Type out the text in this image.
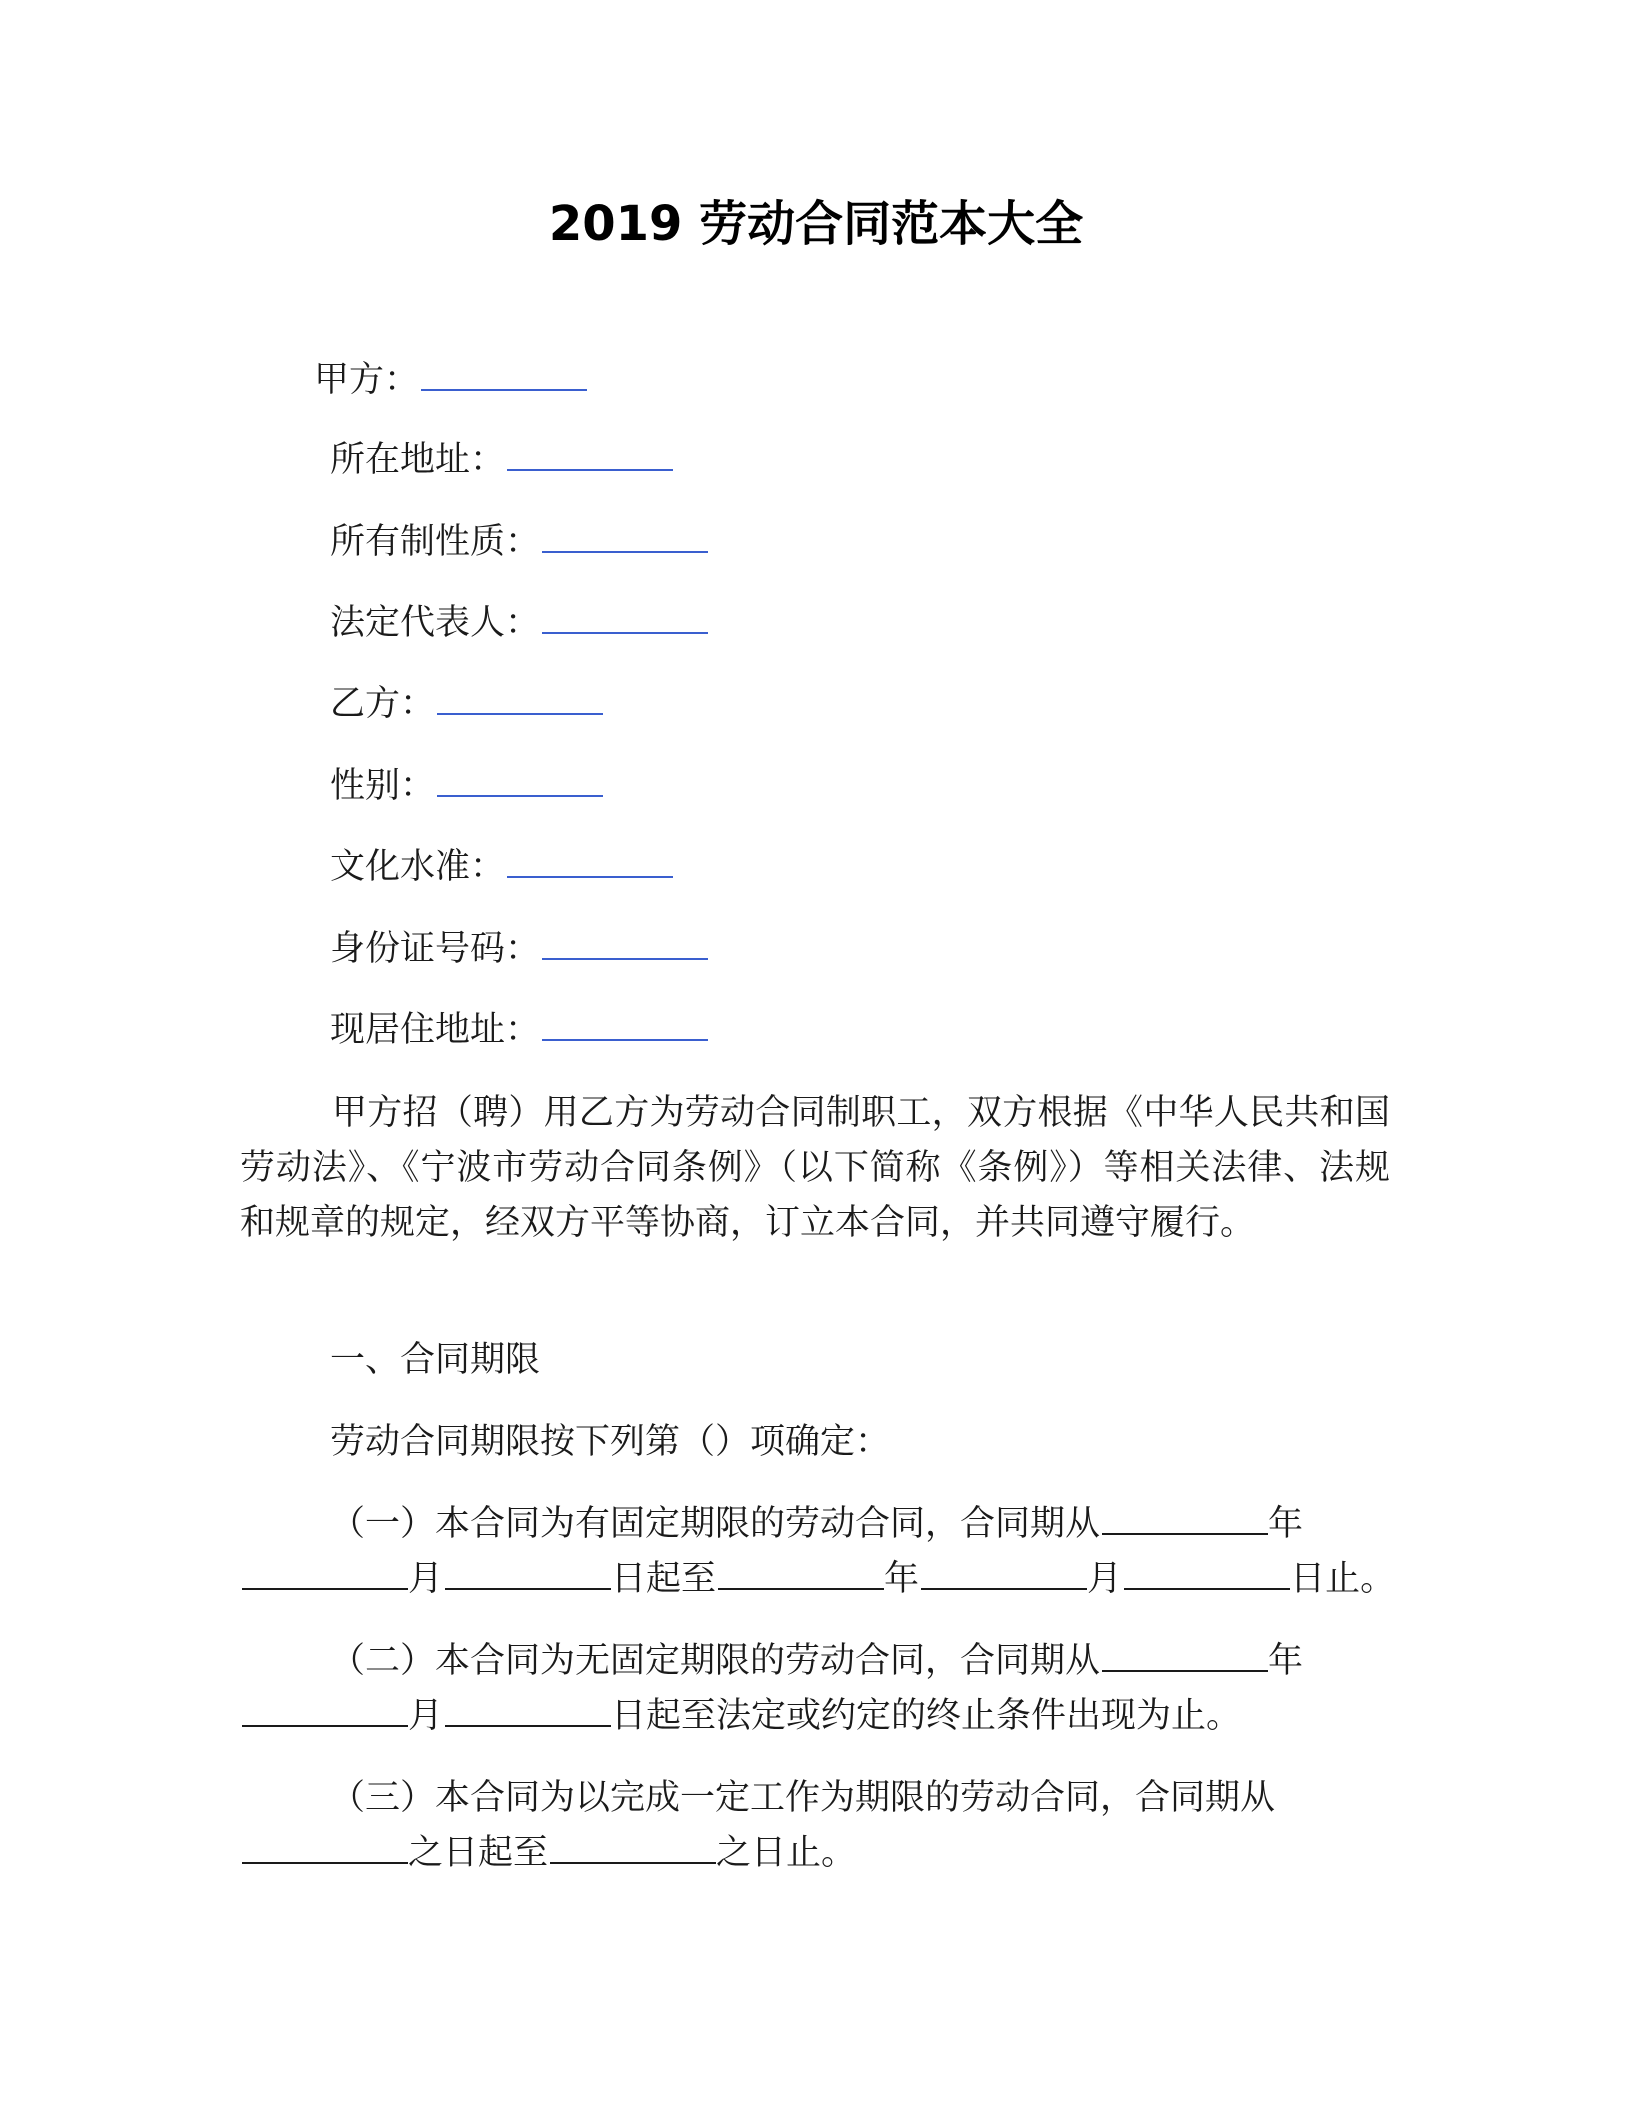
2019 劳动合同范本大全
甲方：
所在地址：
所有制性质：
法定代表人：
乙方：
性别：
文化水准：
身份证号码：
现居住地址：
甲方招（聘）用乙方为劳动合同制职工，双方根据《中华人民共和国劳动法》、《宁波市劳动合同条例》（以下简称《条例》）等相关法律、法规和规章的规定，经双方平等协商，订立本合同，并共同遵守履行。
一、合同期限
劳动合同期限按下列第（）项确定：
（一）本合同为有固定期限的劳动合同，合同期从	年
月	日起至	年	月	日止。
（二）本合同为无固定期限的劳动合同，合同期从	年
月	日起至法定或约定的终止条件出现为止。
（三）本合同为以完成一定工作为期限的劳动合同，合同期从
之日起至	之日止。
